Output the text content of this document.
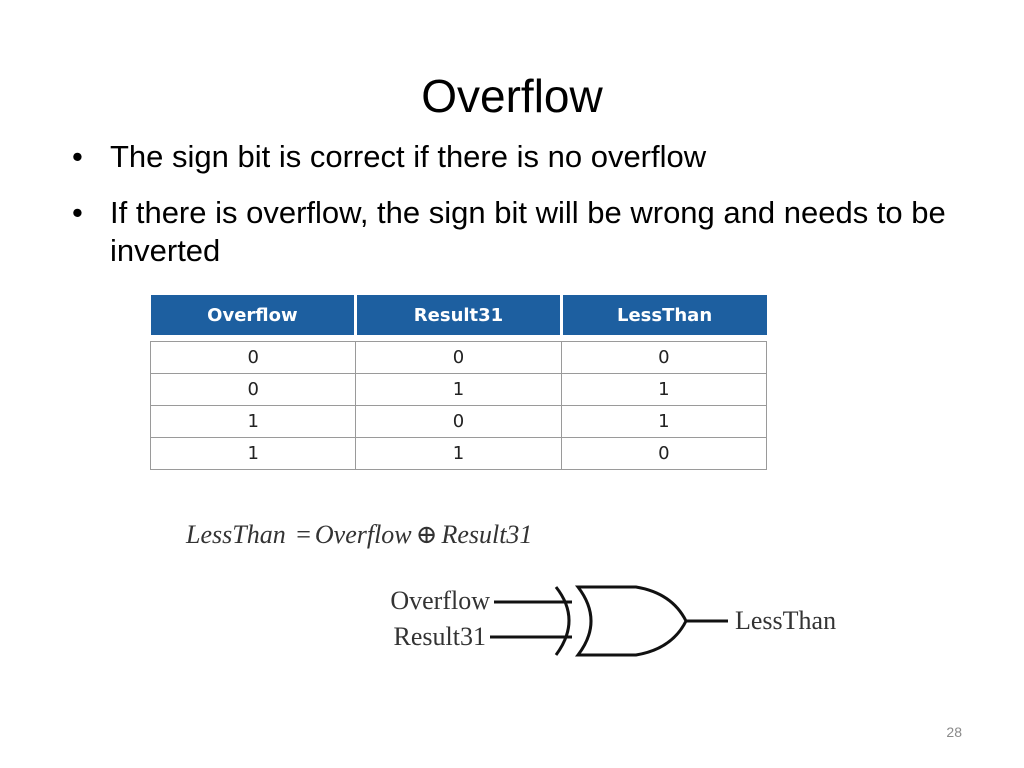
Overflow
• The sign bit is correct if there is no overflow
• If there is overflow, the sign bit will be wrong and needs to be inverted
Overflow	Result31	LessThan

0	0	0
0	1	1
1	0	1
1	1	0
LessThan = Overflow ⊕ Result31
Overflow
Result31
LessThan
28
